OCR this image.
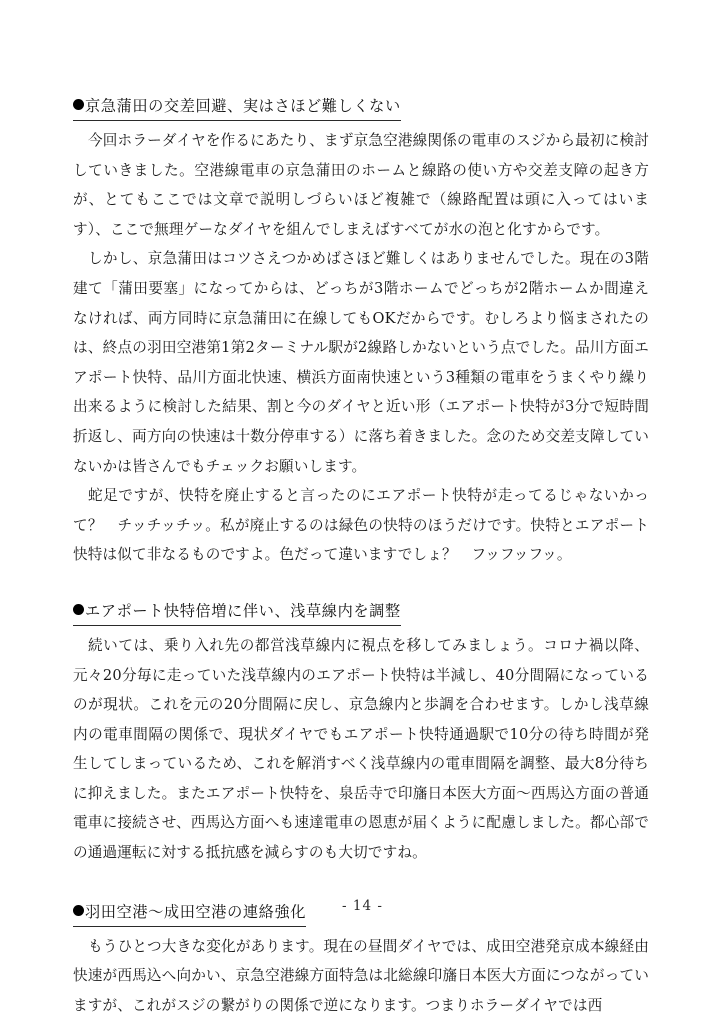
京急蒲田の交差回避、実はさほど難しくない

今回ホラーダイヤを作るにあたり、まず京急空港線関係の電車のスジから最初に検討していきました。空港線電車の京急蒲田のホームと線路の使い方や交差支障の起き方が、とてもここでは文章で説明しづらいほど複雑で（線路配置は頭に入ってはいます）、ここで無理ゲーなダイヤを組んでしまえばすべてが水の泡と化すからです。

しかし、京急蒲田はコツさえつかめばさほど難しくはありませんでした。現在の3階建て「蒲田要塞」になってからは、どっちが3階ホームでどっちが2階ホームか間違えなければ、両方同時に京急蒲田に在線してもOKだからです。むしろより悩まされたのは、終点の羽田空港第1第2ターミナル駅が2線路しかないという点でした。品川方面エアポート快特、品川方面北快速、横浜方面南快速という3種類の電車をうまくやり繰り出来るように検討した結果、割と今のダイヤと近い形（エアポート快特が3分で短時間折返し、両方向の快速は十数分停車する）に落ち着きました。念のため交差支障していないかは皆さんでもチェックお願いします。

蛇足ですが、快特を廃止すると言ったのにエアポート快特が走ってるじゃないかって？　チッチッチッ。私が廃止するのは緑色の快特のほうだけです。快特とエアポート快特は似て非なるものですよ。色だって違いますでしょ？　フッフッフッ。

エアポート快特倍増に伴い、浅草線内を調整

続いては、乗り入れ先の都営浅草線内に視点を移してみましょう。コロナ禍以降、元々20分毎に走っていた浅草線内のエアポート快特は半減し、40分間隔になっているのが現状。これを元の20分間隔に戻し、京急線内と歩調を合わせます。しかし浅草線内の電車間隔の関係で、現状ダイヤでもエアポート快特通過駅で10分の待ち時間が発生してしまっているため、これを解消すべく浅草線内の電車間隔を調整、最大8分待ちに抑えました。またエアポート快特を、泉岳寺で印旛日本医大方面〜西馬込方面の普通電車に接続させ、西馬込方面へも速達電車の恩恵が届くように配慮しました。都心部での通過運転に対する抵抗感を減らすのも大切ですね。

羽田空港〜成田空港の連絡強化

もうひとつ大きな変化があります。現在の昼間ダイヤでは、成田空港発京成本線経由快速が西馬込へ向かい、京急空港線方面特急は北総線印旛日本医大方面につながっていますが、これがスジの繋がりの関係で逆になります。つまりホラーダイヤでは西

- 14 -
